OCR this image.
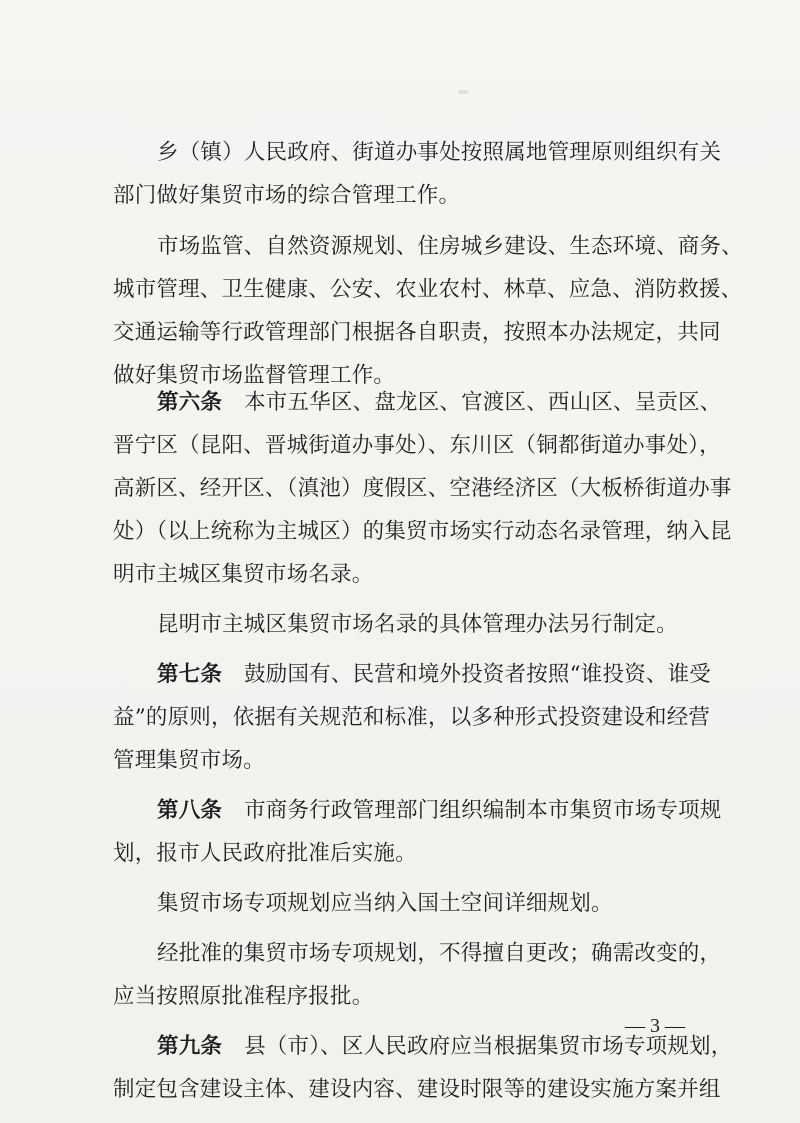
乡（镇）人民政府、街道办事处按照属地管理原则组织有关
部门做好集贸市场的综合管理工作。
市场监管、自然资源规划、住房城乡建设、生态环境、商务、
城市管理、卫生健康、公安、农业农村、林草、应急、消防救援、
交通运输等行政管理部门根据各自职责，按照本办法规定，共同
做好集贸市场监督管理工作。
第六条 本市五华区、盘龙区、官渡区、西山区、呈贡区、
晋宁区（昆阳、晋城街道办事处）、东川区（铜都街道办事处），
高新区、经开区、（滇池）度假区、空港经济区（大板桥街道办事
处）（以上统称为主城区）的集贸市场实行动态名录管理，纳入昆
明市主城区集贸市场名录。
昆明市主城区集贸市场名录的具体管理办法另行制定。
第七条 鼓励国有、民营和境外投资者按照“谁投资、谁受
益”的原则，依据有关规范和标准，以多种形式投资建设和经营
管理集贸市场。
第八条 市商务行政管理部门组织编制本市集贸市场专项规
划，报市人民政府批准后实施。
集贸市场专项规划应当纳入国土空间详细规划。
经批准的集贸市场专项规划，不得擅自更改；确需改变的，
应当按照原批准程序报批。
第九条 县（市）、区人民政府应当根据集贸市场专项规划，
制定包含建设主体、建设内容、建设时限等的建设实施方案并组
— 3 —
